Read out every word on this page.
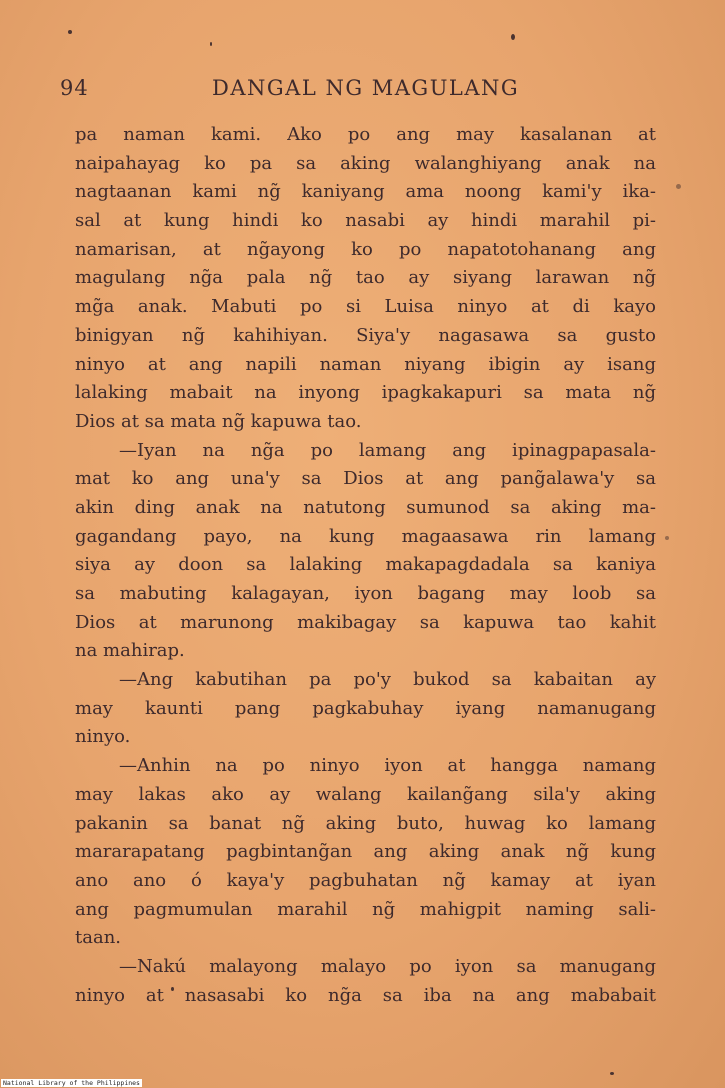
94	DANGAL NG MAGULANG
pa naman kami. Ako po ang may kasalanan at
naipahayag ko pa sa aking walanghiyang anak na
nagtaanan kami ng̃ kaniyang ama noong kami'y ika-
sal at kung hindi ko nasabi ay hindi marahil pi-
namarisan, at ng̃ayong ko po napatotohanang ang
magulang ng̃a pala ng̃ tao ay siyang larawan ng̃
mg̃a anak. Mabuti po si Luisa ninyo at di kayo
binigyan ng̃ kahihiyan. Siya'y nagasawa sa gusto
ninyo at ang napili naman niyang ibigin ay isang
lalaking mabait na inyong ipagkakapuri sa mata ng̃
Dios at sa mata ng̃ kapuwa tao.
—Iyan na ng̃a po lamang ang ipinagpapasala-
mat ko ang una'y sa Dios at ang pang̃alawa'y sa
akin ding anak na natutong sumunod sa aking ma-
gagandang payo, na kung magaasawa rin lamang
siya ay doon sa lalaking makapagdadala sa kaniya
sa mabuting kalagayan, iyon bagang may loob sa
Dios at marunong makibagay sa kapuwa tao kahit
na mahirap.
—Ang kabutihan pa po'y bukod sa kabaitan ay
may kaunti pang pagkabuhay iyang namanugang
ninyo.
—Anhin na po ninyo iyon at hangga namang
may lakas ako ay walang kailang̃ang sila'y aking
pakanin sa banat ng̃ aking buto, huwag ko lamang
mararapatang pagbintang̃an ang aking anak ng̃ kung
ano ano ó kaya'y pagbuhatan ng̃ kamay at iyan
ang pagmumulan marahil ng̃ mahigpit naming sali-
taan.
—Nakú malayong malayo po iyon sa manugang
ninyo at nasasabi ko ng̃a sa iba na ang mababait
National Library of the Philippines
